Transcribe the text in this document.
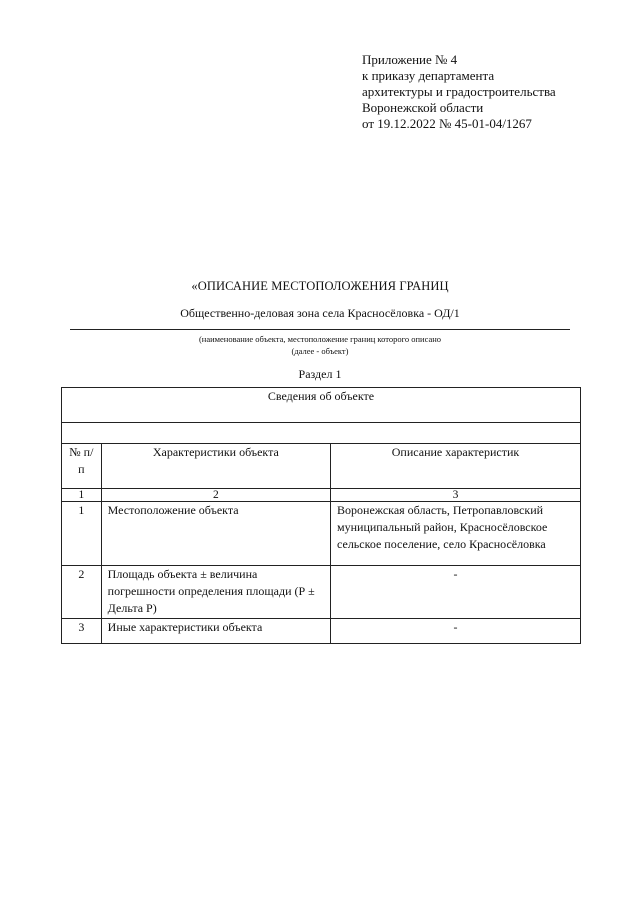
Приложение № 4
к приказу департамента
архитектуры и градостроительства
Воронежской области
от 19.12.2022 № 45-01-04/1267
«ОПИСАНИЕ МЕСТОПОЛОЖЕНИЯ ГРАНИЦ
Общественно-деловая зона села Красносёловка - ОД/1
(наименование объекта, местоположение границ которого описано
(далее - объект)
Раздел 1
Сведения об объекте		

№ п/п	Характеристики объекта	Описание характеристик
1	2	3
1	Местоположение объекта	Воронежская область, Петропавловский муниципальный район, Красносёловское сельское поселение, село Красносёловка
2	Площадь объекта ± величина погрешности определения площади (Р ± Дельта Р)	-
3	Иные характеристики объекта	-
